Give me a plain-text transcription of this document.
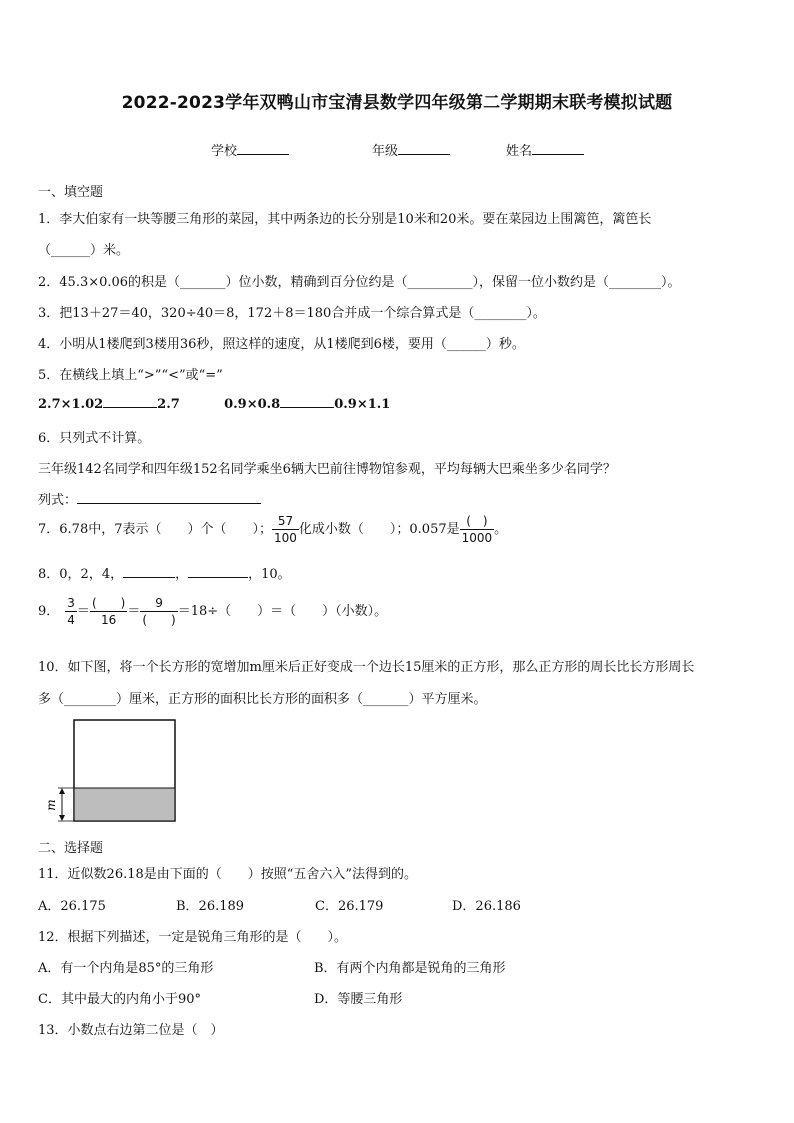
2022-2023学年双鸭山市宝清县数学四年级第二学期期末联考模拟试题
学校	年级	姓名
一、填空题
1．李大伯家有一块等腰三角形的菜园，其中两条边的长分别是10米和20米。要在菜园边上围篱笆，篱笆长
（______）米。
2．45.3×0.06的积是（_______）位小数，精确到百分位约是（__________），保留一位小数约是（________）。
3．把13＋27＝40，320÷40＝8，172＋8＝180合并成一个综合算式是（________）。
4．小明从1楼爬到3楼用36秒，照这样的速度，从1楼爬到6楼，要用（______）秒。
5．在横线上填上“>”“<”或“=”
2.7×1.02	2.7	0.9×0.8	0.9×1.1
6．只列式不计算。
三年级142名同学和四年级152名同学乘坐6辆大巴前往博物馆参观，平均每辆大巴乘坐多少名同学？
列式：
7．6.78中，7表示（　　）个（　　）； $\frac{57}{100}$ 化成小数（　　）；0.057是 $\frac{( )}{1000}$ 。
8．0，2，4，	，	，10。
9． $\frac{3}{4} = \frac{( )}{16} = \frac{9}{( )} =18\div$（　　）＝（　　）（小数）。
10．如下图，将一个长方形的宽增加m厘米后正好变成一个边长15厘米的正方形，那么正方形的周长比长方形周长
多（________）厘米，正方形的面积比长方形的面积多（_______）平方厘米。
m
二、选择题
11．近似数26.18是由下面的（　　）按照“五舍六入”法得到的。
A．26.175	B．26.189	C．26.179	D．26.186
12．根据下列描述，一定是锐角三角形的是（　　）。
A．有一个内角是85°的三角形	B．有两个内角都是锐角的三角形
C．其中最大的内角小于90°	D．等腰三角形
13．小数点右边第二位是（　）
